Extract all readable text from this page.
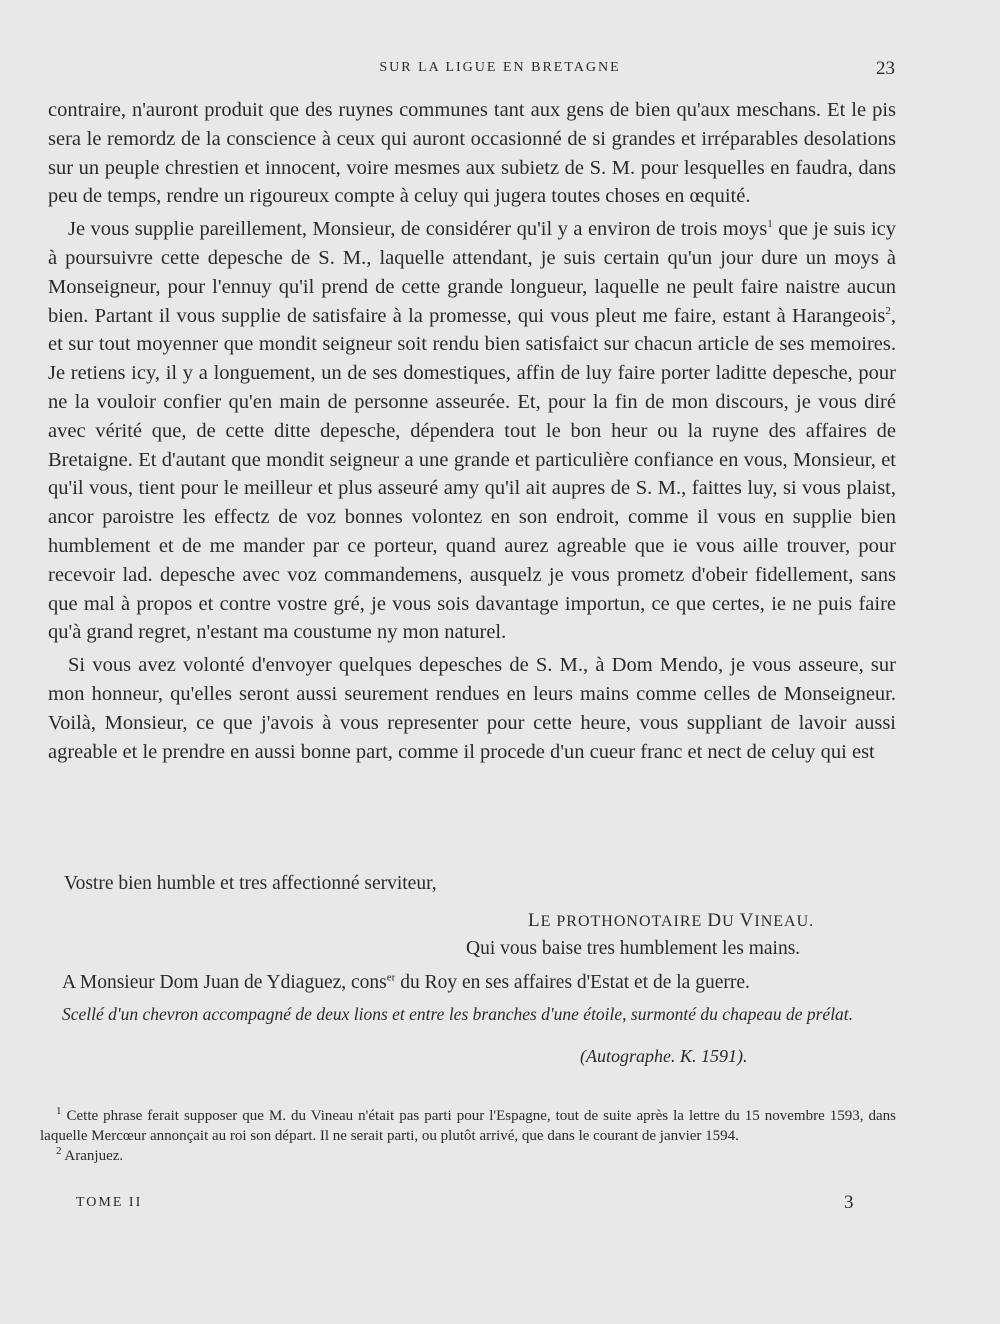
SUR LA LIGUE EN BRETAGNE	23

contraire, n'auront produit que des ruynes communes tant aux gens de bien qu'aux meschans. Et le pis sera le remordz de la conscience à ceux qui auront occasionné de si grandes et irréparables desolations sur un peuple chrestien et innocent, voire mesmes aux subietz de S. M. pour lesquelles en faudra, dans peu de temps, rendre un rigoureux compte à celuy qui jugera toutes choses en œquité.

Je vous supplie pareillement, Monsieur, de considérer qu'il y a environ de trois moys$^1$ que je suis icy à poursuivre cette depesche de S. M., laquelle attendant, je suis certain qu'un jour dure un moys à Monseigneur, pour l'ennuy qu'il prend de cette grande longueur, laquelle ne peult faire naistre aucun bien. Partant il vous supplie de satisfaire à la promesse, qui vous pleut me faire, estant à Harangeois$^2$, et sur tout moyenner que mondit seigneur soit rendu bien satisfaict sur chacun article de ses memoires. Je retiens icy, il y a longuement, un de ses domestiques, affin de luy faire porter laditte depesche, pour ne la vouloir confier qu'en main de personne asseurée. Et, pour la fin de mon discours, je vous diré avec vérité que, de cette ditte depesche, dépendera tout le bon heur ou la ruyne des affaires de Bretaigne. Et d'autant que mondit seigneur a une grande et particulière confiance en vous, Monsieur, et qu'il vous, tient pour le meilleur et plus asseuré amy qu'il ait aupres de S. M., faittes luy, si vous plaist, ancor paroistre les effectz de voz bonnes volontez en son endroit, comme il vous en supplie bien humblement et de me mander par ce porteur, quand aurez agreable que ie vous aille trouver, pour recevoir lad. depesche avec voz commandemens, ausquelz je vous prometz d'obeir fidellement, sans que mal à propos et contre vostre gré, je vous sois davantage importun, ce que certes, ie ne puis faire qu'à grand regret, n'estant ma coustume ny mon naturel.

Si vous avez volonté d'envoyer quelques depesches de S. M., à Dom Mendo, je vous asseure, sur mon honneur, qu'elles seront aussi seurement rendues en leurs mains comme celles de Monseigneur. Voilà, Monsieur, ce que j'avois à vous representer pour cette heure, vous suppliant de lavoir aussi agreable et le prendre en aussi bonne part, comme il procede d'un cueur franc et nect de celuy qui est

Vostre bien humble et tres affectionné serviteur,
LE PROTHONOTAIRE DU VINEAU.
Qui vous baise tres humblement les mains.
A Monsieur Dom Juan de Ydiaguez, cons$^{er}$ du Roy en ses affaires d'Estat et de la guerre.
Scellé d'un chevron accompagné de deux lions et entre les branches d'une étoile, surmonté du chapeau de prélat.
(Autographe. K. 1591).

$^1$ Cette phrase ferait supposer que M. du Vineau n'était pas parti pour l'Espagne, tout de suite après la lettre du 15 novembre 1593, dans laquelle Mercœur annonçait au roi son départ. Il ne serait parti, ou plutôt arrivé, que dans le courant de janvier 1594.

$^2$ Aranjuez.

TOME II	3
